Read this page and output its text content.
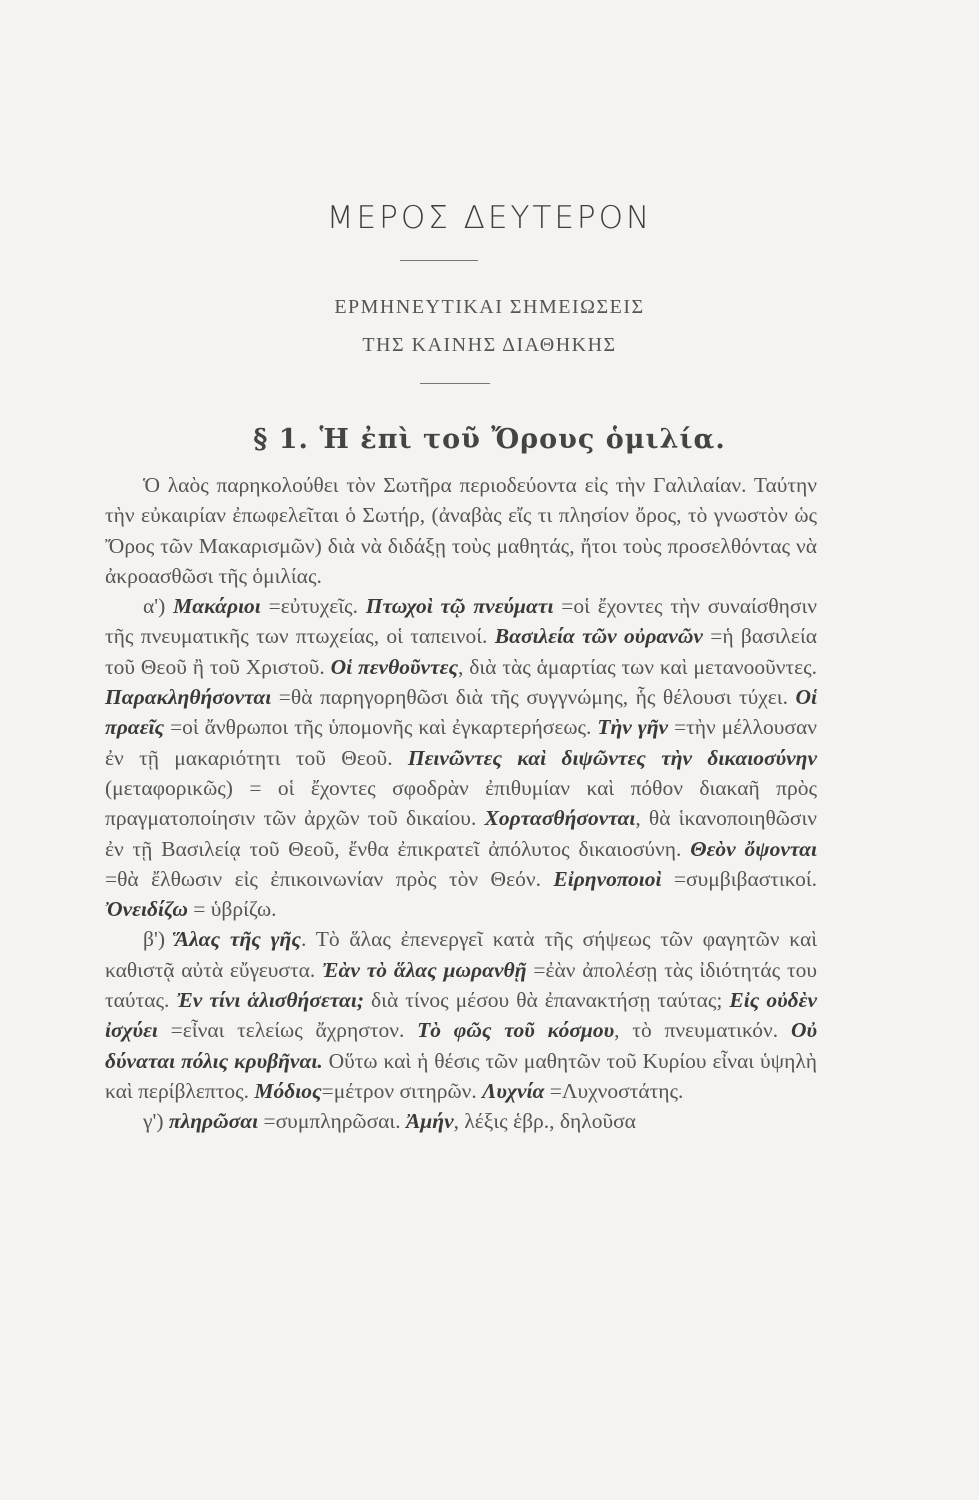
ΜΕΡΟΣ ΔΕΥΤΕΡΟΝ
ΕΡΜΗΝΕΥΤΙΚΑΙ ΣΗΜΕΙΩΣΕΙΣ
ΤΗΣ ΚΑΙΝΗΣ ΔΙΑΘΗΚΗΣ
§ 1. Ἡ ἐπὶ τοῦ Ὄρους ὁμιλία.

Ὁ λαὸς παρηκολούθει τὸν Σωτῆρα περιοδεύοντα εἰς τὴν Γαλιλαίαν. Ταύτην τὴν εὐκαιρίαν ἐπωφελεῖται ὁ Σωτήρ, (ἀναβὰς εἴς τι πλησίον ὄρος, τὸ γνωστὸν ὡς Ὄρος τῶν Μακαρισμῶν) διὰ νὰ διδάξῃ τοὺς μαθητάς, ἤτοι τοὺς προσελθόντας νὰ ἀκροασθῶσι τῆς ὁμιλίας.

α') Μακάριοι =εὐτυχεῖς. Πτωχοὶ τῷ πνεύματι =οἱ ἔχοντες τὴν συναίσθησιν τῆς πνευματικῆς των πτωχείας, οἱ ταπεινοί. Βασιλεία τῶν οὐρανῶν =ἡ βασιλεία τοῦ Θεοῦ ἢ τοῦ Χριστοῦ. Οἱ πενθοῦντες, διὰ τὰς ἁμαρτίας των καὶ μετανοοῦντες. Παρακληθήσονται =θὰ παρηγορηθῶσι διὰ τῆς συγγνώμης, ἧς θέλουσι τύχει. Οἱ πραεῖς =οἱ ἄνθρωποι τῆς ὑπομονῆς καὶ ἐγκαρτερήσεως. Τὴν γῆν =τὴν μέλλουσαν ἐν τῇ μακαριότητι τοῦ Θεοῦ. Πεινῶντες καὶ διψῶντες τὴν δικαιοσύνην (μεταφορικῶς) = οἱ ἔχοντες σφοδρὰν ἐπιθυμίαν καὶ πόθον διακαῆ πρὸς πραγματοποίησιν τῶν ἀρχῶν τοῦ δικαίου. Χορτασθήσονται, θὰ ἱκανοποιηθῶσιν ἐν τῇ Βασιλείᾳ τοῦ Θεοῦ, ἔνθα ἐπικρατεῖ ἀπόλυτος δικαιοσύνη. Θεὸν ὄψονται =θὰ ἔλθωσιν εἰς ἐπικοινωνίαν πρὸς τὸν Θεόν. Εἰρηνοποιοὶ =συμβιβαστικοί. Ὀνειδίζω = ὑβρίζω.

β') Ἅλας τῆς γῆς. Τὸ ἅλας ἐπενεργεῖ κατὰ τῆς σήψεως τῶν φαγητῶν καὶ καθιστᾷ αὐτὰ εὔγευστα. Ἐὰν τὸ ἅλας μωρανθῇ =ἐὰν ἀπολέσῃ τὰς ἰδιότητάς του ταύτας. Ἐν τίνι ἁλισθήσεται; διὰ τίνος μέσου θὰ ἐπανακτήσῃ ταύτας; Εἰς οὐδὲν ἰσχύει =εἶναι τελείως ἄχρηστον. Τὸ φῶς τοῦ κόσμου, τὸ πνευματικόν. Οὐ δύναται πόλις κρυβῆναι. Οὕτω καὶ ἡ θέσις τῶν μαθητῶν τοῦ Κυρίου εἶναι ὑψηλὴ καὶ περίβλεπτος. Μόδιος=μέτρον σιτηρῶν. Λυχνία =Λυχνοστάτης.

γ') πληρῶσαι =συμπληρῶσαι. Ἀμήν, λέξις ἑβρ., δηλοῦσα
